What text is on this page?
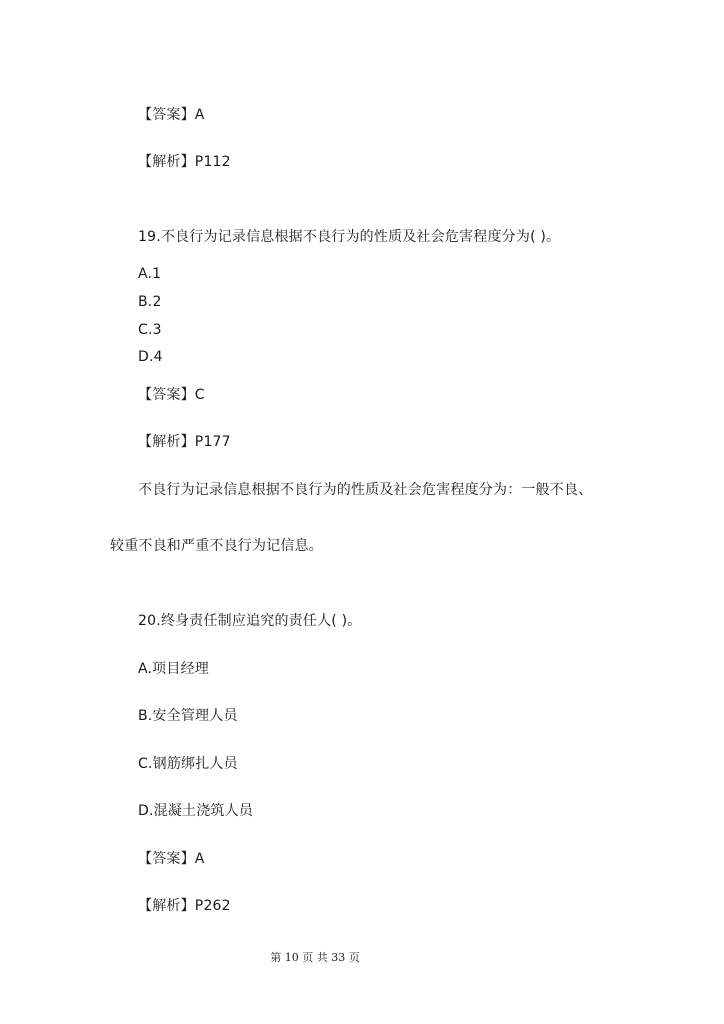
【答案】A
【解析】P112
19.不良行为记录信息根据不良行为的性质及社会危害程度分为( )。
A.1
B.2
C.3
D.4
【答案】C
【解析】P177
不良行为记录信息根据不良行为的性质及社会危害程度分为：一般不良、
较重不良和严重不良行为记信息。
20.终身责任制应追究的责任人( )。
A.项目经理
B.安全管理人员
C.钢筋绑扎人员
D.混凝土浇筑人员
【答案】A
【解析】P262
第 10 页 共 33 页
